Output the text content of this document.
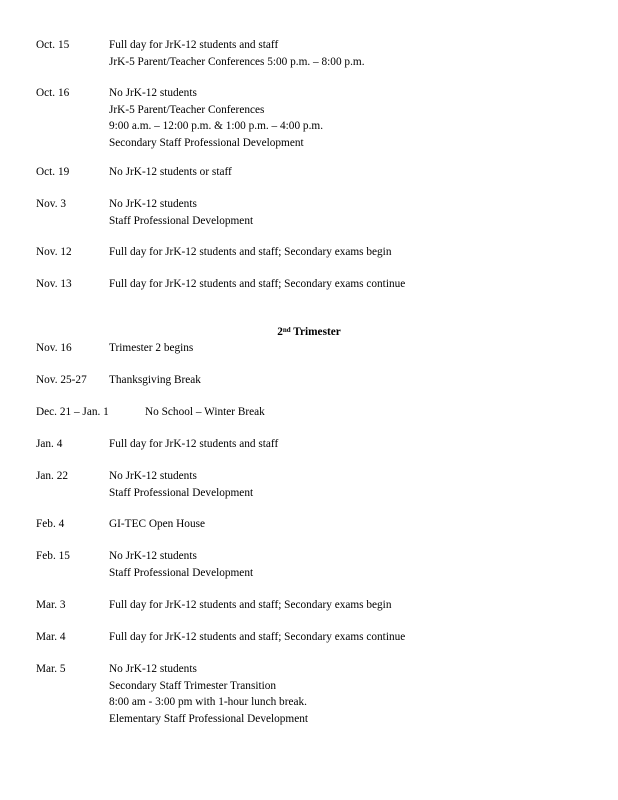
Oct. 15	Full day for JrK-12 students and staff
JrK-5 Parent/Teacher Conferences 5:00 p.m. – 8:00 p.m.
Oct. 16	No JrK-12 students
JrK-5 Parent/Teacher Conferences
9:00 a.m. – 12:00 p.m. & 1:00 p.m. – 4:00 p.m.
Secondary Staff Professional Development
Oct. 19	No JrK-12 students or staff
Nov. 3	No JrK-12 students
Staff Professional Development
Nov. 12	Full day for JrK-12 students and staff; Secondary exams begin
Nov. 13	Full day for JrK-12 students and staff; Secondary exams continue
2nd Trimester
Nov. 16	Trimester 2 begins
Nov. 25-27 Thanksgiving Break
Dec. 21 – Jan. 1	No School – Winter Break
Jan. 4	Full day for JrK-12 students and staff
Jan. 22	No JrK-12 students
Staff Professional Development
Feb. 4	GI-TEC Open House
Feb. 15	No JrK-12 students
Staff Professional Development
Mar. 3	Full day for JrK-12 students and staff; Secondary exams begin
Mar. 4	Full day for JrK-12 students and staff; Secondary exams continue
Mar. 5	No JrK-12 students
Secondary Staff Trimester Transition
8:00 am - 3:00 pm with 1-hour lunch break.
Elementary Staff Professional Development
